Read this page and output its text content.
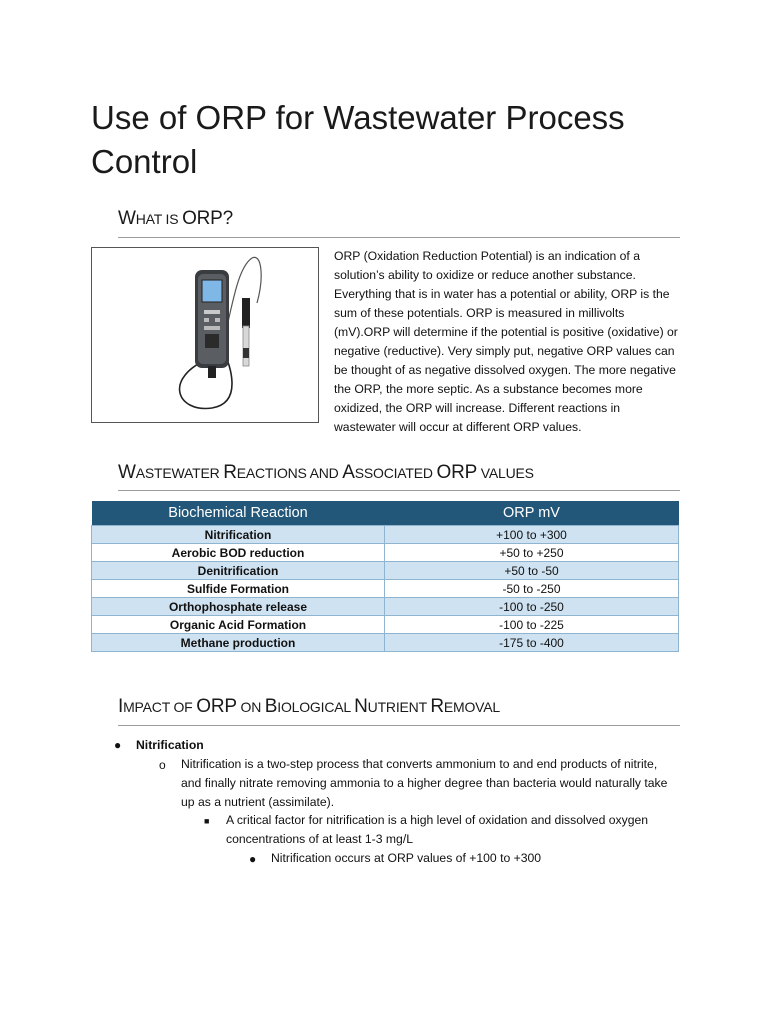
Use of ORP for Wastewater Process Control
WHAT IS ORP?
ORP (Oxidation Reduction Potential) is an indication of a solution’s ability to oxidize or reduce another substance. Everything that is in water has a potential or ability, ORP is the sum of these potentials. ORP is measured in millivolts (mV).ORP will determine if the potential is positive (oxidative) or negative (reductive). Very simply put, negative ORP values can be thought of as negative dissolved oxygen. The more negative the ORP, the more septic. As a substance becomes more oxidized, the ORP will increase. Different reactions in wastewater will occur at different ORP values.
WASTEWATER REACTIONS AND ASSOCIATED ORP VALUES
Biochemical Reaction	ORP mV
Nitrification	+100 to +300
Aerobic BOD reduction	+50 to +250
Denitrification	+50 to -50
Sulfide Formation	-50 to -250
Orthophosphate release	-100 to -250
Organic Acid Formation	-100 to -225
Methane production	-175 to -400
IMPACT OF ORP ON BIOLOGICAL NUTRIENT REMOVAL
● Nitrification
o Nitrification is a two-step process that converts ammonium to and end products of nitrite, and finally nitrate removing ammonia to a higher degree than bacteria would naturally take up as a nutrient (assimilate).
■ A critical factor for nitrification is a high level of oxidation and dissolved oxygen concentrations of at least 1-3 mg/L
● Nitrification occurs at ORP values of +100 to +300
